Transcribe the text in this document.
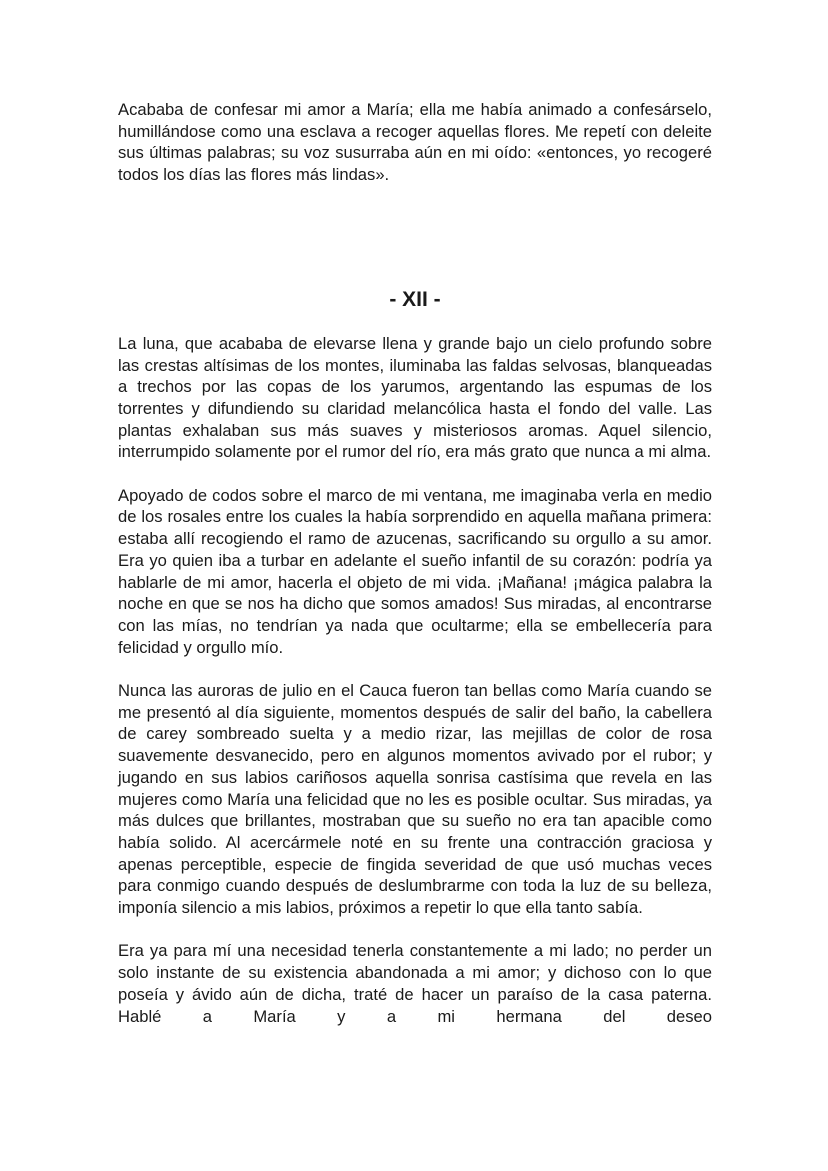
Acababa de confesar mi amor a María; ella me había animado a confesárselo, humillándose como una esclava a recoger aquellas flores. Me repetí con deleite sus últimas palabras; su voz susurraba aún en mi oído: «entonces, yo recogeré todos los días las flores más lindas».

- XII -

La luna, que acababa de elevarse llena y grande bajo un cielo profundo sobre las crestas altísimas de los montes, iluminaba las faldas selvosas, blanqueadas a trechos por las copas de los yarumos, argentando las espumas de los torrentes y difundiendo su claridad melancólica hasta el fondo del valle. Las plantas exhalaban sus más suaves y misteriosos aromas. Aquel silencio, interrumpido solamente por el rumor del río, era más grato que nunca a mi alma.

Apoyado de codos sobre el marco de mi ventana, me imaginaba verla en medio de los rosales entre los cuales la había sorprendido en aquella mañana primera: estaba allí recogiendo el ramo de azucenas, sacrificando su orgullo a su amor. Era yo quien iba a turbar en adelante el sueño infantil de su corazón: podría ya hablarle de mi amor, hacerla el objeto de mi vida. ¡Mañana! ¡mágica palabra la noche en que se nos ha dicho que somos amados! Sus miradas, al encontrarse con las mías, no tendrían ya nada que ocultarme; ella se embellecería para felicidad y orgullo mío.

Nunca las auroras de julio en el Cauca fueron tan bellas como María cuando se me presentó al día siguiente, momentos después de salir del baño, la cabellera de carey sombreado suelta y a medio rizar, las mejillas de color de rosa suavemente desvanecido, pero en algunos momentos avivado por el rubor; y jugando en sus labios cariñosos aquella sonrisa castísima que revela en las mujeres como María una felicidad que no les es posible ocultar. Sus miradas, ya más dulces que brillantes, mostraban que su sueño no era tan apacible como había solido. Al acercármele noté en su frente una contracción graciosa y apenas perceptible, especie de fingida severidad de que usó muchas veces para conmigo cuando después de deslumbrarme con toda la luz de su belleza, imponía silencio a mis labios, próximos a repetir lo que ella tanto sabía.

Era ya para mí una necesidad tenerla constantemente a mi lado; no perder un solo instante de su existencia abandonada a mi amor; y dichoso con lo que poseía y ávido aún de dicha, traté de hacer un paraíso de la casa paterna. Hablé a María y a mi hermana del deseo
